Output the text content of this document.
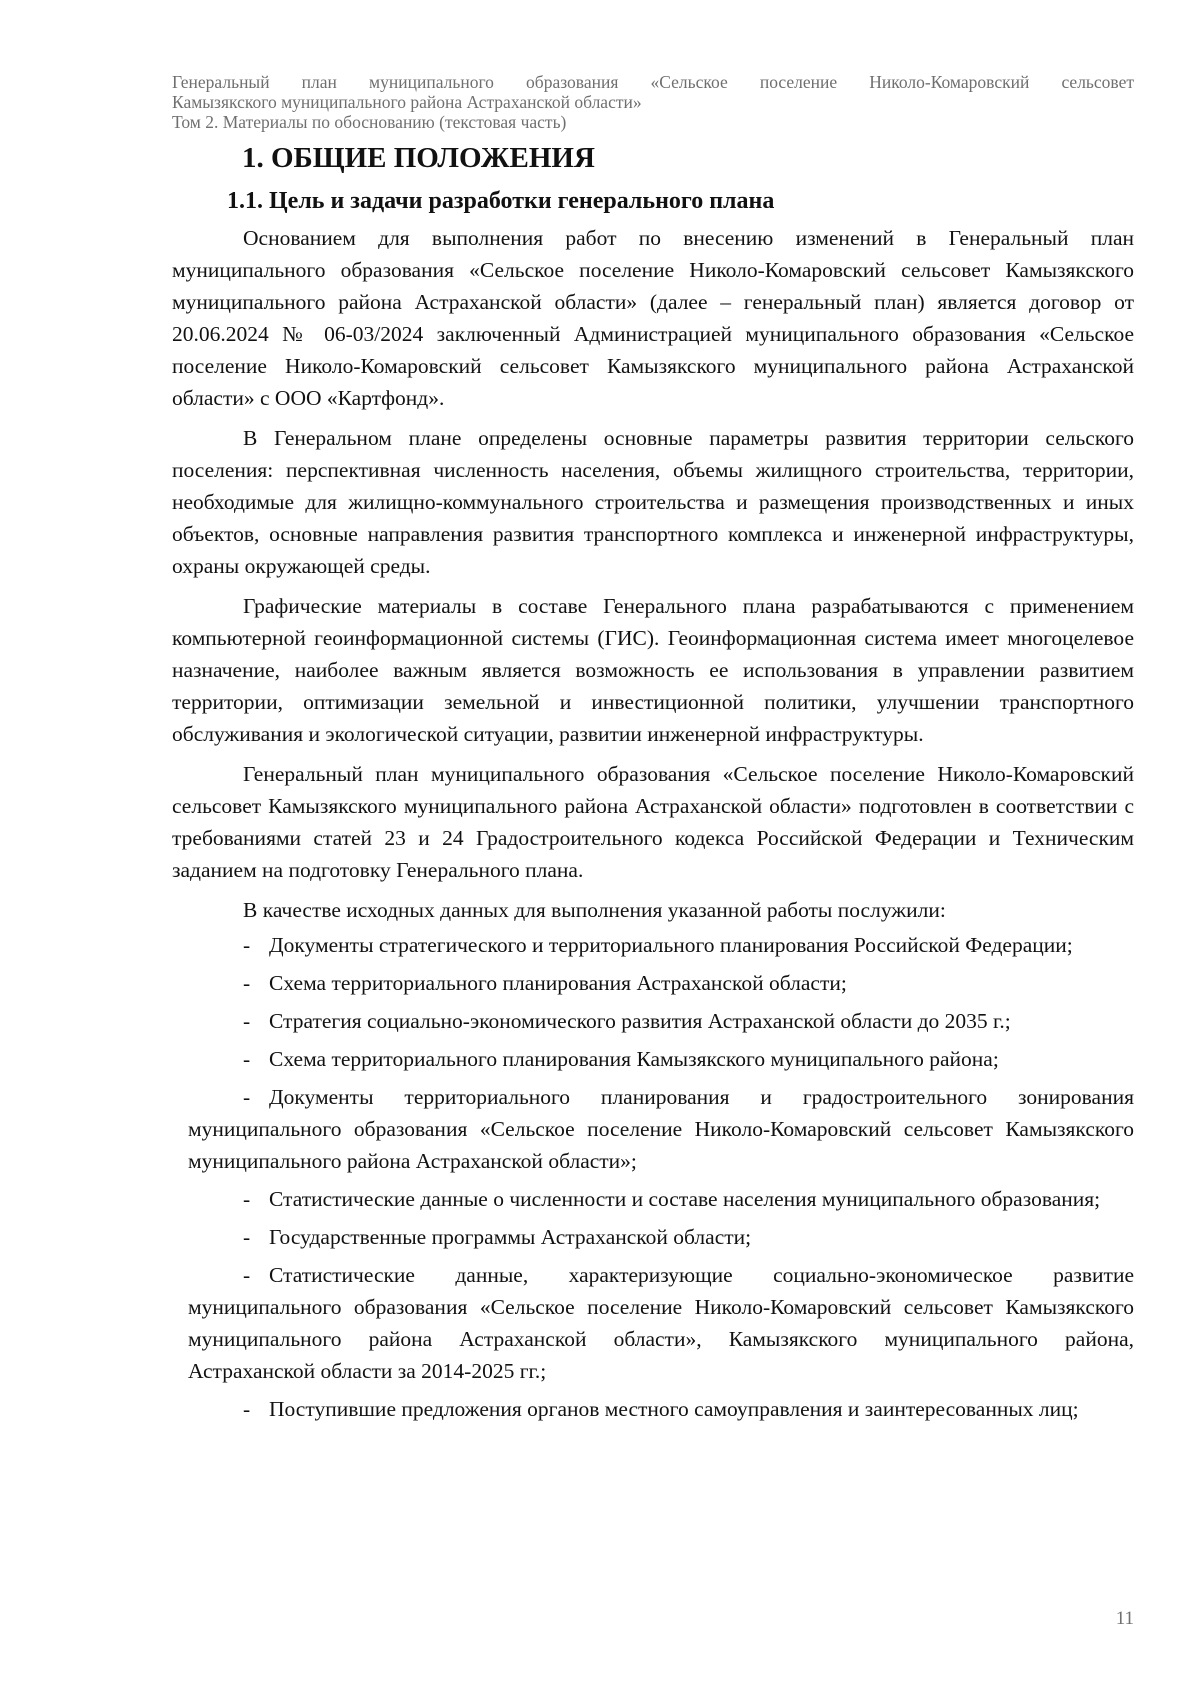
Генеральный план муниципального образования «Сельское поселение Николо-Комаровский сельсовет
Камызякского муниципального района Астраханской области»
Том 2. Материалы по обоснованию (текстовая часть)
1. ОБЩИЕ ПОЛОЖЕНИЯ
1.1. Цель и задачи разработки генерального плана

Основанием для выполнения работ по внесению изменений в Генеральный план муниципального образования «Сельское поселение Николо-Комаровский сельсовет Камызякского муниципального района Астраханской области» (далее – генеральный план) является договор от 20.06.2024 № 06-03/2024 заключенный Администрацией муниципального образования «Сельское поселение Николо-Комаровский сельсовет Камызякского муниципального района Астраханской области» с ООО «Картфонд».

В Генеральном плане определены основные параметры развития территории сельского поселения: перспективная численность населения, объемы жилищного строительства, территории, необходимые для жилищно-коммунального строительства и размещения производственных и иных объектов, основные направления развития транспортного комплекса и инженерной инфраструктуры, охраны окружающей среды.

Графические материалы в составе Генерального плана разрабатываются с применением компьютерной геоинформационной системы (ГИС). Геоинформационная система имеет многоцелевое назначение, наиболее важным является возможность ее использования в управлении развитием территории, оптимизации земельной и инвестиционной политики, улучшении транспортного обслуживания и экологической ситуации, развитии инженерной инфраструктуры.

Генеральный план муниципального образования «Сельское поселение Николо-Комаровский сельсовет Камызякского муниципального района Астраханской области» подготовлен в соответствии с требованиями статей 23 и 24 Градостроительного кодекса Российской Федерации и Техническим заданием на подготовку Генерального плана.

В качестве исходных данных для выполнения указанной работы послужили:

- Документы стратегического и территориального планирования Российской Федерации;
- Схема территориального планирования Астраханской области;
- Стратегия социально-экономического развития Астраханской области до 2035 г.;
- Схема территориального планирования Камызякского муниципального района;
- Документы территориального планирования и градостроительного зонирования муниципального образования «Сельское поселение Николо-Комаровский сельсовет Камызякского муниципального района Астраханской области»;
- Статистические данные о численности и составе населения муниципального образования;
- Государственные программы Астраханской области;
- Статистические данные, характеризующие социально-экономическое развитие муниципального образования «Сельское поселение Николо-Комаровский сельсовет Камызякского муниципального района Астраханской области», Камызякского муниципального района, Астраханской области за 2014-2025 гг.;
- Поступившие предложения органов местного самоуправления и заинтересованных лиц;
11
